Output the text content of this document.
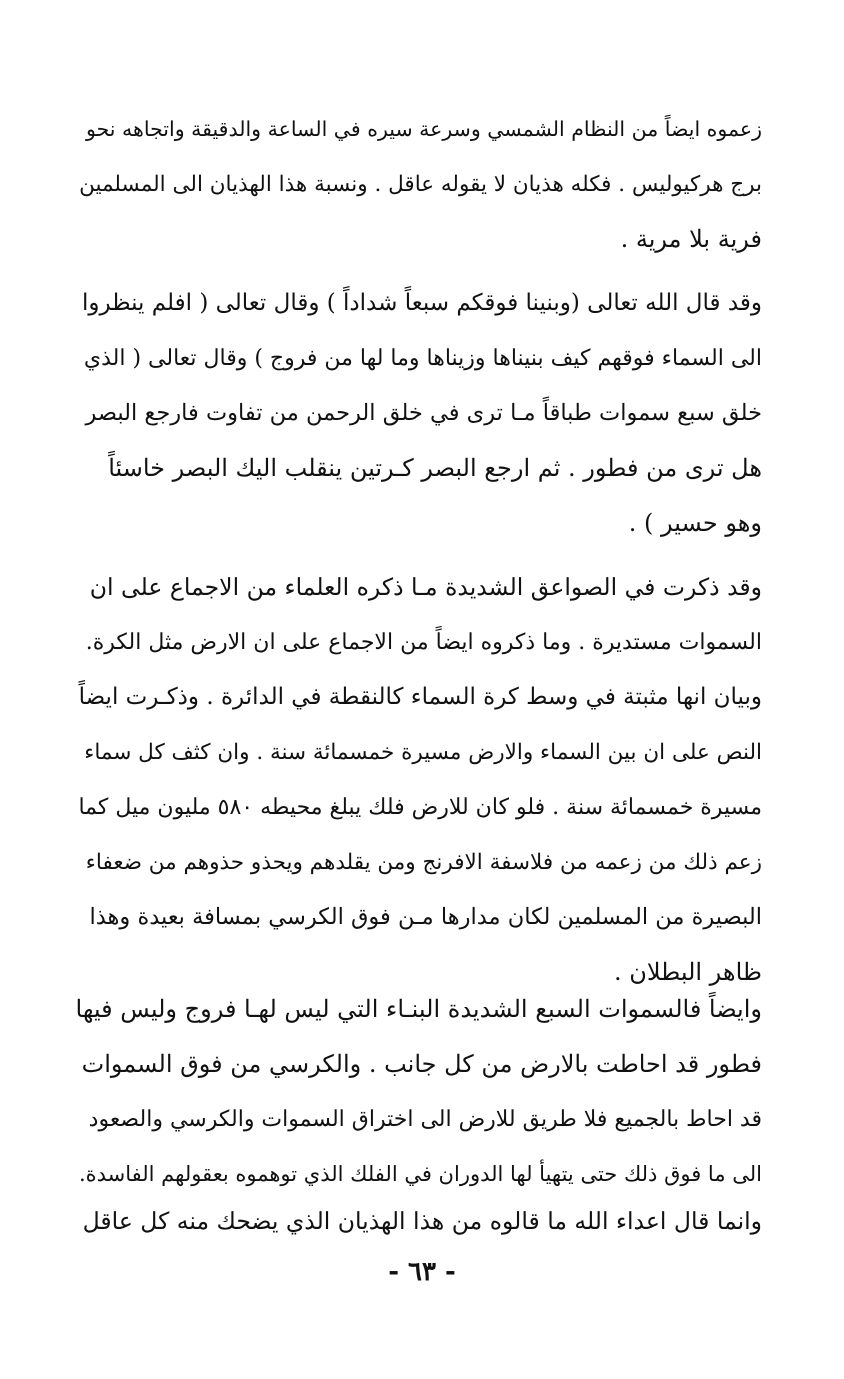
زعموه ايضاً من النظام الشمسي وسرعة سيره في الساعة والدقيقة واتجاهه نحو
برج هركيوليس . فكله هذيان لا يقوله عاقل . ونسبة هذا الهذيان الى المسلمين
فرية بلا مرية .
وقد قال الله تعالى (وبنينا فوقكم سبعاً شداداً ) وقال تعالى ( افلم ينظروا
الى السماء فوقهم كيف بنيناها وزيناها وما لها من فروج ) وقال تعالى ( الذي
خلق سبع سموات طباقاً مـا ترى في خلق الرحمن من تفاوت فارجع البصر
هل ترى من فطور . ثم ارجع البصر كـرتين ينقلب اليك البصر خاسئاً
وهو حسير ) .
وقد ذكرت في الصواعق الشديدة مـا ذكره العلماء من الاجماع على ان
السموات مستديرة . وما ذكروه ايضاً من الاجماع على ان الارض مثل الكرة.
وبيان انها مثبتة في وسط كرة السماء كالنقطة في الدائرة . وذكـرت ايضاً
النص على ان بين السماء والارض مسيرة خمسمائة سنة . وان كثف كل سماء
مسيرة خمسمائة سنة . فلو كان للارض فلك يبلغ محيطه ٥٨٠ مليون ميل كما
زعم ذلك من زعمه من فلاسفة الافرنج ومن يقلدهم ويحذو حذوهم من ضعفاء
البصيرة من المسلمين لكان مدارها مـن فوق الكرسي بمسافة بعيدة وهذا
ظاهر البطلان .
وايضاً فالسموات السبع الشديدة البنـاء التي ليس لهـا فروج وليس فيها
فطور قد احاطت بالارض من كل جانب . والكرسي من فوق السموات
قد احاط بالجميع فلا طريق للارض الى اختراق السموات والكرسي والصعود
الى ما فوق ذلك حتى يتهيأ لها الدوران في الفلك الذي توهموه بعقولهم الفاسدة.
وانما قال اعداء الله ما قالوه من هذا الهذيان الذي يضحك منه كل عاقل
- ٦٣ -
